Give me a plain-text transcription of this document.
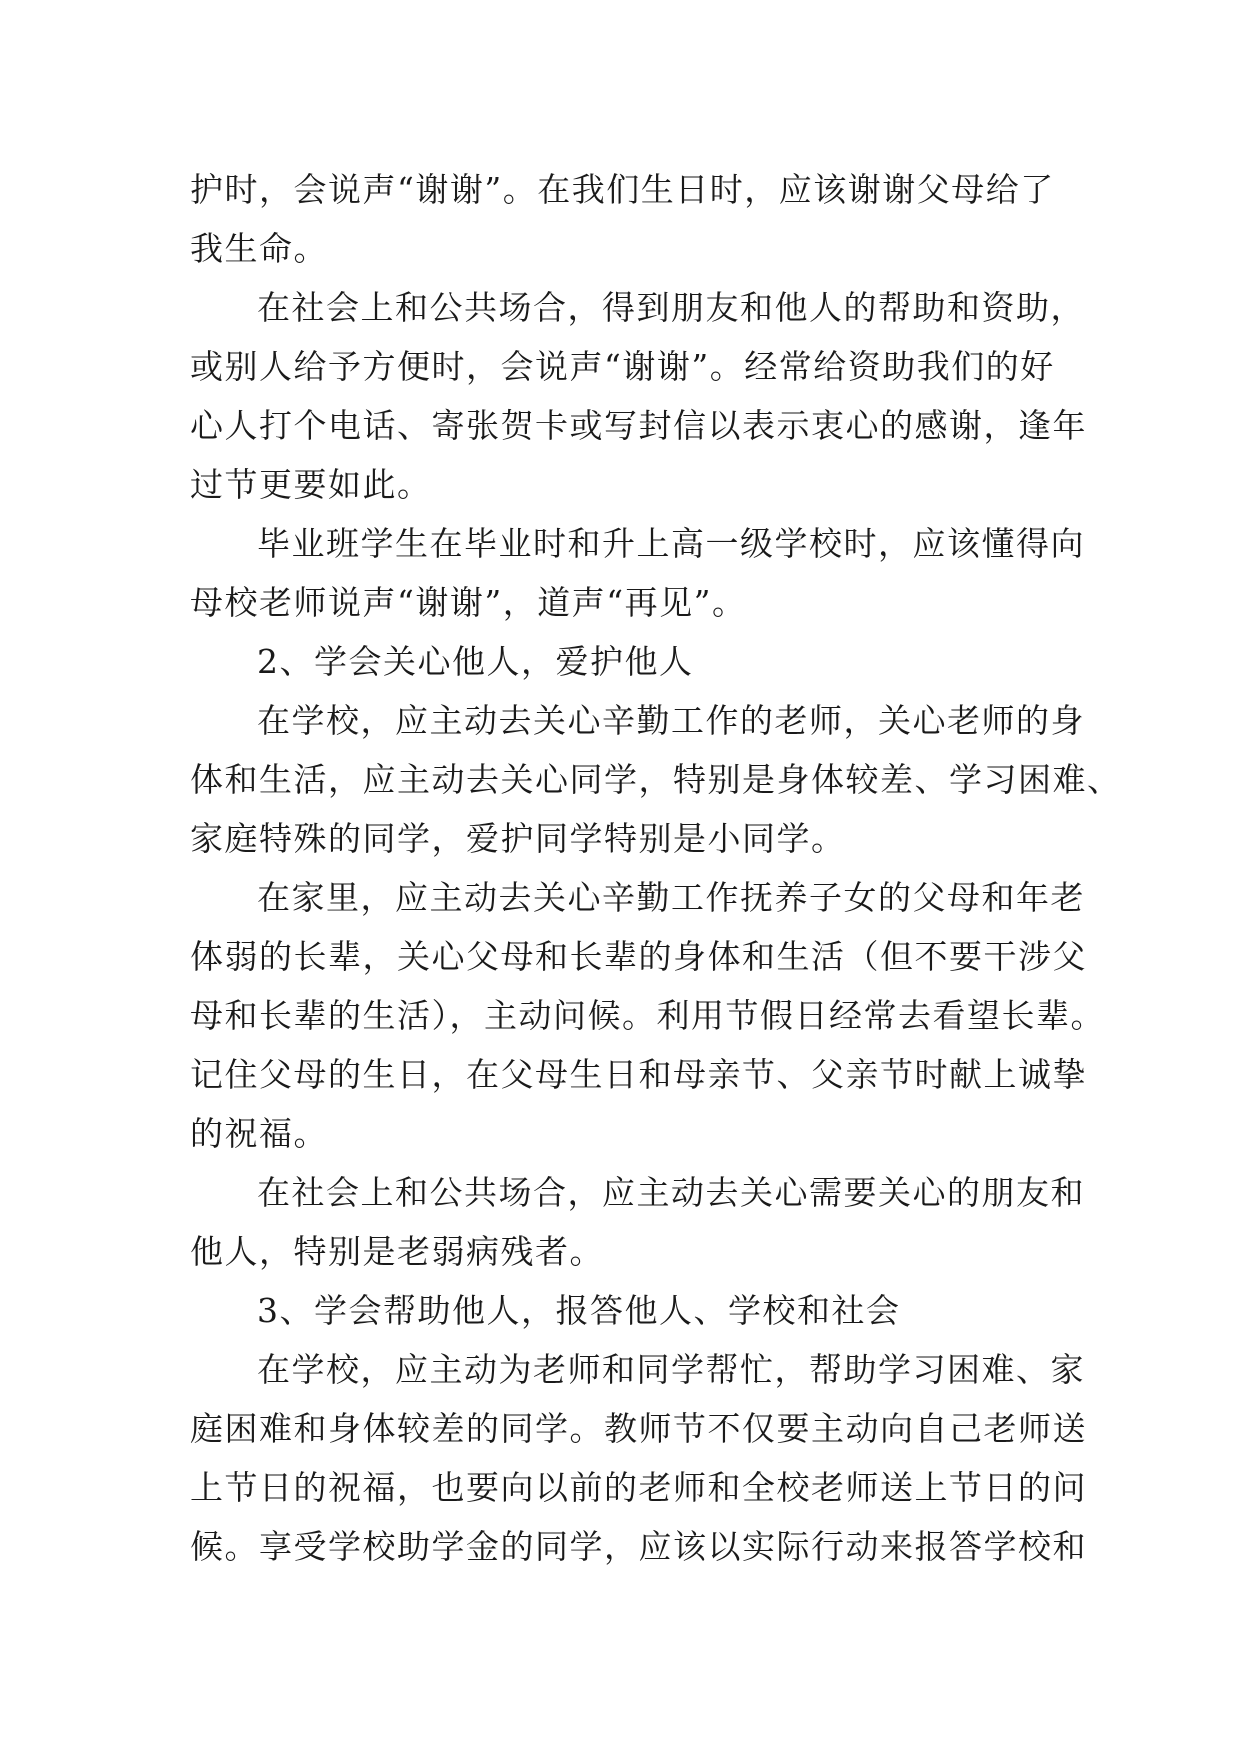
护时，会说声“谢谢”。在我们生日时，应该谢谢父母给了
我生命。
在社会上和公共场合，得到朋友和他人的帮助和资助，
或别人给予方便时，会说声“谢谢”。经常给资助我们的好
心人打个电话、寄张贺卡或写封信以表示衷心的感谢，逢年
过节更要如此。
毕业班学生在毕业时和升上高一级学校时，应该懂得向
母校老师说声“谢谢”，道声“再见”。
2、学会关心他人，爱护他人
在学校，应主动去关心辛勤工作的老师，关心老师的身
体和生活，应主动去关心同学，特别是身体较差、学习困难、
家庭特殊的同学，爱护同学特别是小同学。
在家里，应主动去关心辛勤工作抚养子女的父母和年老
体弱的长辈，关心父母和长辈的身体和生活（但不要干涉父
母和长辈的生活），主动问候。利用节假日经常去看望长辈。
记住父母的生日，在父母生日和母亲节、父亲节时献上诚挚
的祝福。
在社会上和公共场合，应主动去关心需要关心的朋友和
他人，特别是老弱病残者。
3、学会帮助他人，报答他人、学校和社会
在学校，应主动为老师和同学帮忙，帮助学习困难、家
庭困难和身体较差的同学。教师节不仅要主动向自己老师送
上节日的祝福，也要向以前的老师和全校老师送上节日的问
候。享受学校助学金的同学，应该以实际行动来报答学校和
